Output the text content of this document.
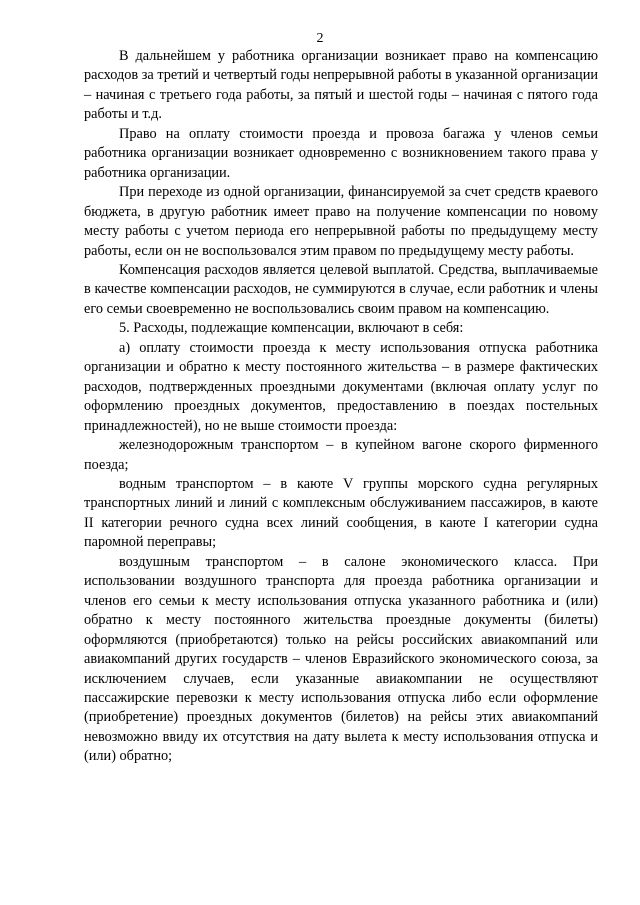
2

В дальнейшем у работника организации возникает право на компенсацию расходов за третий и четвертый годы непрерывной работы в указанной организации – начиная с третьего года работы, за пятый и шестой годы – начиная с пятого года работы и т.д.

Право на оплату стоимости проезда и провоза багажа у членов семьи работника организации возникает одновременно с возникновением такого права у работника организации.

При переходе из одной организации, финансируемой за счет средств краевого бюджета, в другую работник имеет право на получение компенсации по новому месту работы с учетом периода его непрерывной работы по предыдущему месту работы, если он не воспользовался этим правом по предыдущему месту работы.

Компенсация расходов является целевой выплатой. Средства, выплачиваемые в качестве компенсации расходов, не суммируются в случае, если работник и члены его семьи своевременно не воспользовались своим правом на компенсацию.

5. Расходы, подлежащие компенсации, включают в себя:

а) оплату стоимости проезда к месту использования отпуска работника организации и обратно к месту постоянного жительства – в размере фактических расходов, подтвержденных проездными документами (включая оплату услуг по оформлению проездных документов, предоставлению в поездах постельных принадлежностей), но не выше стоимости проезда:

железнодорожным транспортом – в купейном вагоне скорого фирменного поезда;

водным транспортом – в каюте V группы морского судна регулярных транспортных линий и линий с комплексным обслуживанием пассажиров, в каюте II категории речного судна всех линий сообщения, в каюте I категории судна паромной переправы;

воздушным транспортом – в салоне экономического класса. При использовании воздушного транспорта для проезда работника организации и членов его семьи к месту использования отпуска указанного работника и (или) обратно к месту постоянного жительства проездные документы (билеты) оформляются (приобретаются) только на рейсы российских авиакомпаний или авиакомпаний других государств – членов Евразийского экономического союза, за исключением случаев, если указанные авиакомпании не осуществляют пассажирские перевозки к месту использования отпуска либо если оформление (приобретение) проездных документов (билетов) на рейсы этих авиакомпаний невозможно ввиду их отсутствия на дату вылета к месту использования отпуска и (или) обратно;
